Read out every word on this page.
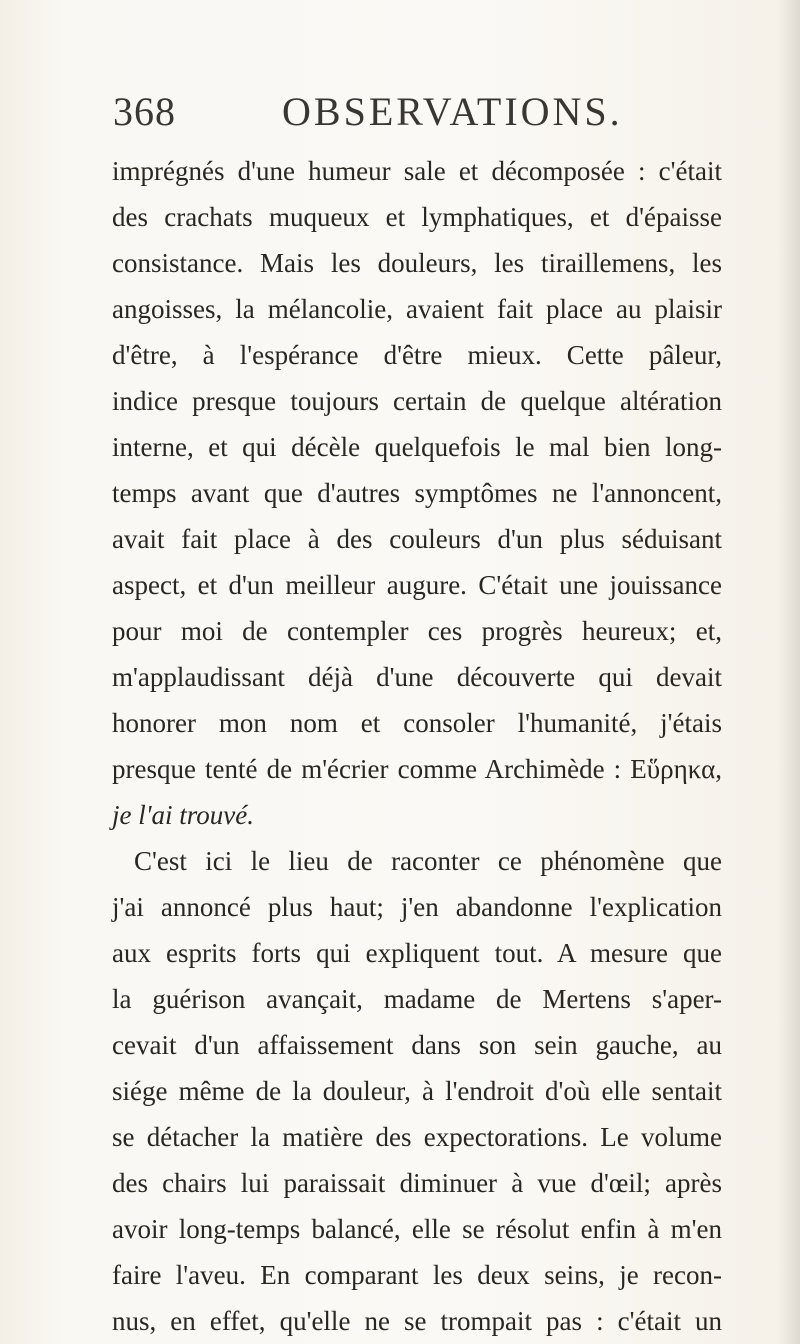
368	OBSERVATIONS.
imprégnés d'une humeur sale et décomposée : c'était
des crachats muqueux et lymphatiques, et d'épaisse
consistance. Mais les douleurs, les tiraillemens, les
angoisses, la mélancolie, avaient fait place au plaisir
d'être, à l'espérance d'être mieux. Cette pâleur,
indice presque toujours certain de quelque altération
interne, et qui décèle quelquefois le mal bien long-
temps avant que d'autres symptômes ne l'annoncent,
avait fait place à des couleurs d'un plus séduisant
aspect, et d'un meilleur augure. C'était une jouissance
pour moi de contempler ces progrès heureux; et,
m'applaudissant déjà d'une découverte qui devait
honorer mon nom et consoler l'humanité, j'étais
presque tenté de m'écrier comme Archimède : Εὕρηκα,
je l'ai trouvé.
C'est ici le lieu de raconter ce phénomène que
j'ai annoncé plus haut; j'en abandonne l'explication
aux esprits forts qui expliquent tout. A mesure que
la guérison avançait, madame de Mertens s'aper-
cevait d'un affaissement dans son sein gauche, au
siége même de la douleur, à l'endroit d'où elle sentait
se détacher la matière des expectorations. Le volume
des chairs lui paraissait diminuer à vue d'œil; après
avoir long-temps balancé, elle se résolut enfin à m'en
faire l'aveu. En comparant les deux seins, je recon-
nus, en effet, qu'elle ne se trompait pas : c'était un
